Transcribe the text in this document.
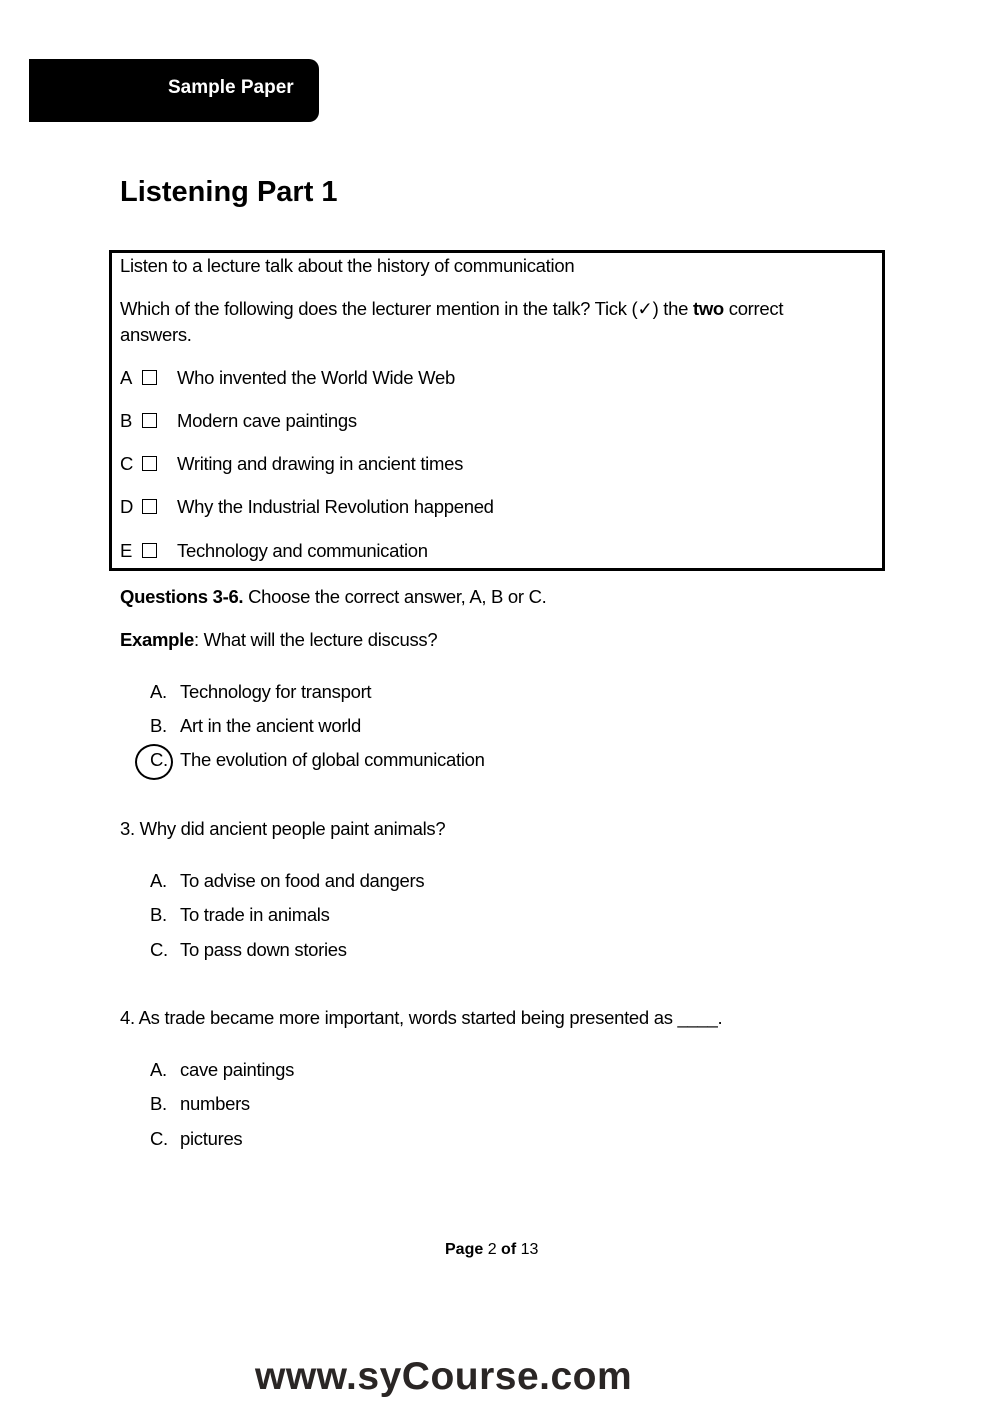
Sample Paper
Listening Part 1
Listen to a lecture talk about the history of communication
Which of the following does the lecturer mention in the talk? Tick (✓) the two correct
answers.
Questions 3-6. Choose the correct answer, A, B or C.
Example: What will the lecture discuss?
3. Why did ancient people paint animals?
4. As trade became more important, words started being presented as ____.
Page 2 of 13
www.syCourse.com
A Who invented the World Wide Web
B Modern cave paintings
C Writing and drawing in ancient times
D Why the Industrial Revolution happened
E Technology and communication
A. Technology for transport
B. Art in the ancient world
C. The evolution of global communication
A. To advise on food and dangers
B. To trade in animals
C. To pass down stories
A. cave paintings
B. numbers
C. pictures
